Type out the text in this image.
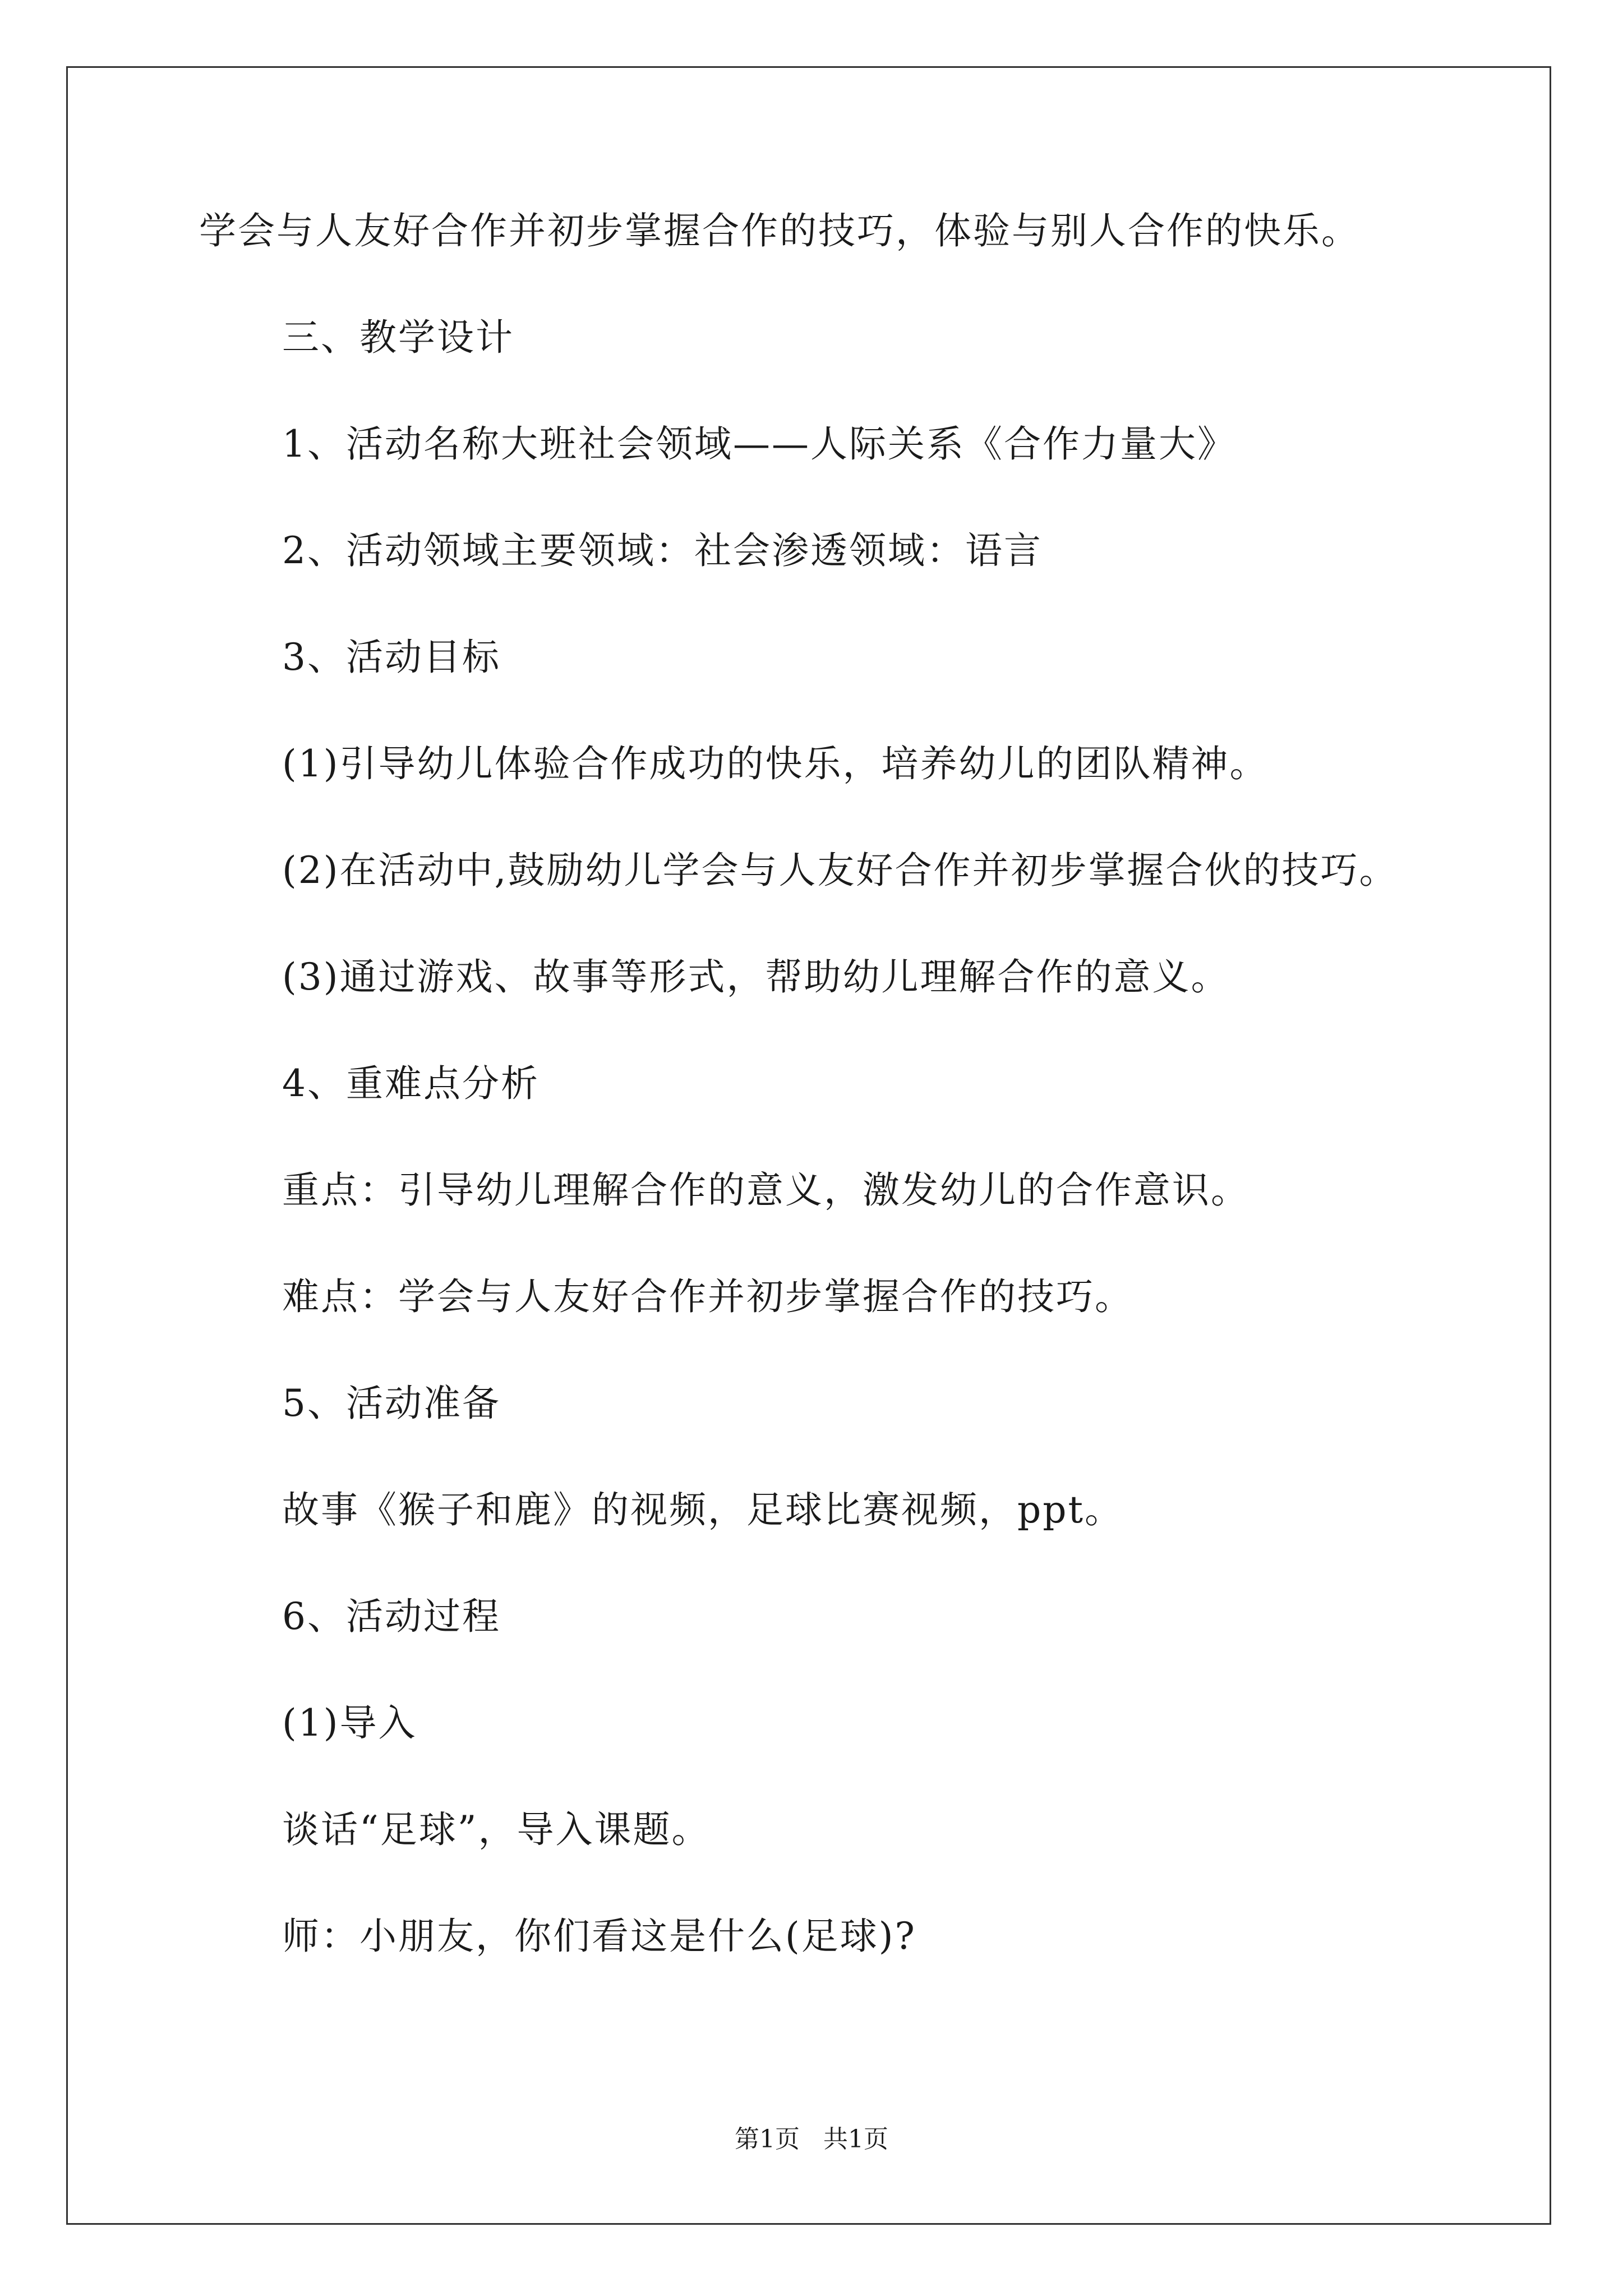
学会与人友好合作并初步掌握合作的技巧，体验与别人合作的快乐。
三、教学设计
1、活动名称大班社会领域——人际关系《合作力量大》
2、活动领域主要领域：社会渗透领域：语言
3、活动目标
(1)引导幼儿体验合作成功的快乐，培养幼儿的团队精神。
(2)在活动中,鼓励幼儿学会与人友好合作并初步掌握合伙的技巧。
(3)通过游戏、故事等形式，帮助幼儿理解合作的意义。
4、重难点分析
重点：引导幼儿理解合作的意义，激发幼儿的合作意识。
难点：学会与人友好合作并初步掌握合作的技巧。
5、活动准备
故事《猴子和鹿》的视频，足球比赛视频，ppt。
6、活动过程
(1)导入
谈话“足球”，导入课题。
师：小朋友，你们看这是什么(足球)?
第1页 共1页
